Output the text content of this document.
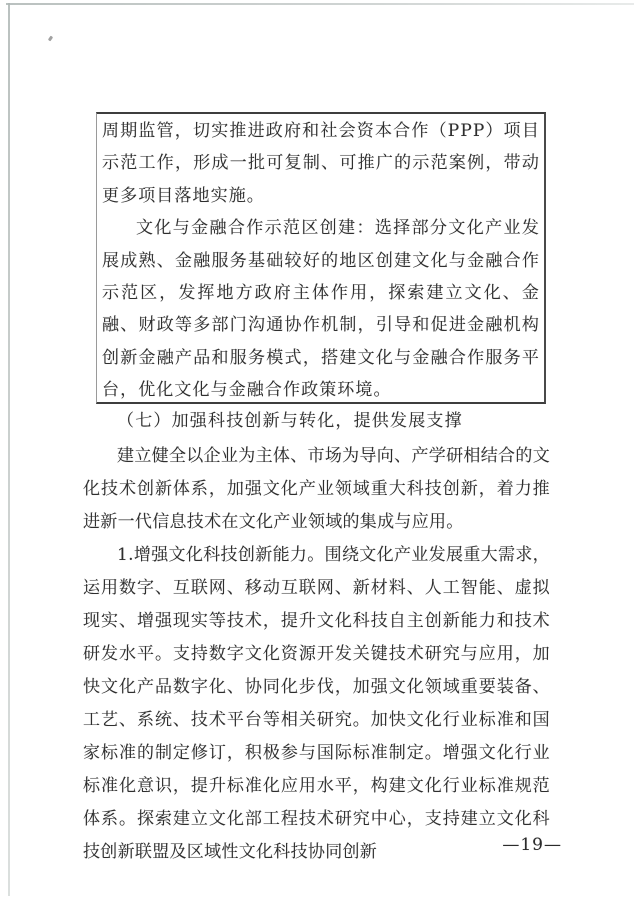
周期监管，切实推进政府和社会资本合作（PPP）项目示范工作，形成一批可复制、可推广的示范案例，带动更多项目落地实施。

文化与金融合作示范区创建：选择部分文化产业发展成熟、金融服务基础较好的地区创建文化与金融合作示范区，发挥地方政府主体作用，探索建立文化、金融、财政等多部门沟通协作机制，引导和促进金融机构创新金融产品和服务模式，搭建文化与金融合作服务平台，优化文化与金融合作政策环境。

（七）加强科技创新与转化，提供发展支撑

建立健全以企业为主体、市场为导向、产学研相结合的文化技术创新体系，加强文化产业领域重大科技创新，着力推进新一代信息技术在文化产业领域的集成与应用。

1.增强文化科技创新能力。围绕文化产业发展重大需求，运用数字、互联网、移动互联网、新材料、人工智能、虚拟现实、增强现实等技术，提升文化科技自主创新能力和技术研发水平。支持数字文化资源开发关键技术研究与应用，加快文化产品数字化、协同化步伐，加强文化领域重要装备、工艺、系统、技术平台等相关研究。加快文化行业标准和国家标准的制定修订，积极参与国际标准制定。增强文化行业标准化意识，提升标准化应用水平，构建文化行业标准规范体系。探索建立文化部工程技术研究中心，支持建立文化科技创新联盟及区域性文化科技协同创新	—19—
